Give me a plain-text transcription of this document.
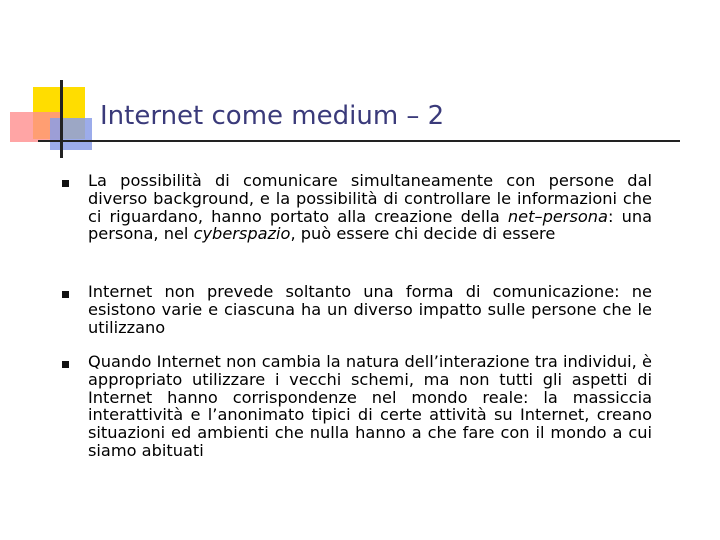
Internet come medium – 2
La possibilità di comunicare simultaneamente con persone dal diverso background, e la possibilità di controllare le informazioni che ci riguardano, hanno portato alla creazione della net–persona: una persona, nel cyberspazio, può essere chi decide di essere
Internet non prevede soltanto una forma di comunicazione: ne esistono varie e ciascuna ha un diverso impatto sulle persone che le utilizzano
Quando Internet non cambia la natura dell’interazione tra individui, è appropriato utilizzare i vecchi schemi, ma non tutti gli aspetti di Internet hanno corrispondenze nel mondo reale: la massiccia interattività e l’anonimato tipici di certe attività su Internet, creano situazioni ed ambienti che nulla hanno a che fare con il mondo a cui siamo abituati
